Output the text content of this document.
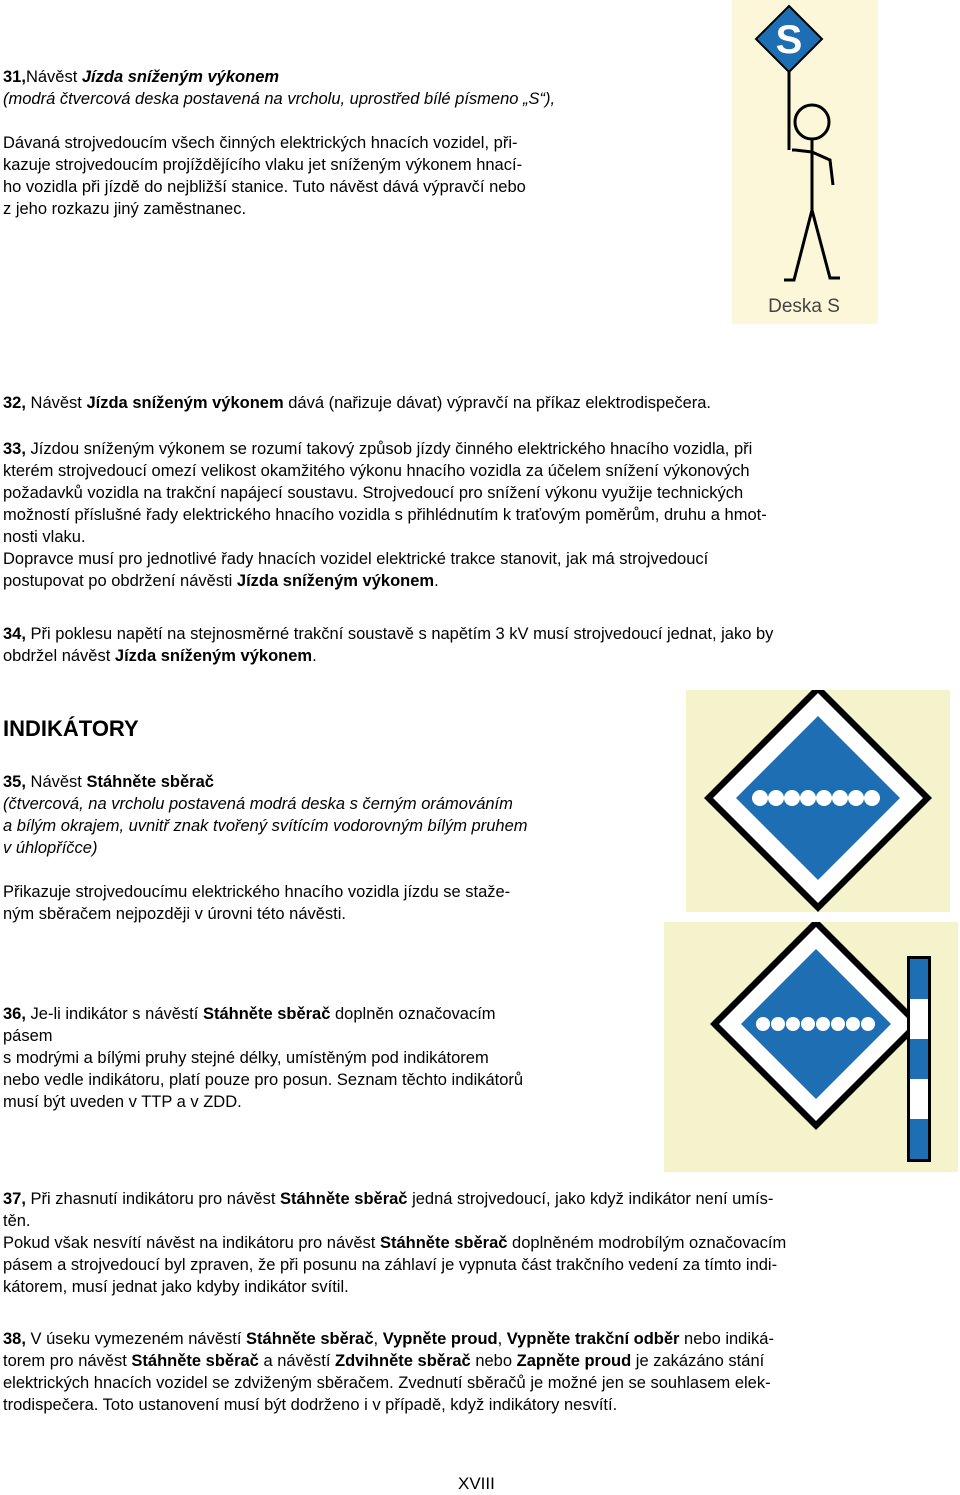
31,Návěst Jízda sníženým výkonem

(modrá čtvercová deska postavená na vrcholu, uprostřed bílé písmeno „S“),

Dávaná strojvedoucím všech činných elektrických hnacích vozidel, při-

kazuje strojvedoucím projíždějícího vlaku jet sníženým výkonem hnací-

ho vozidla při jízdě do nejbližší stanice. Tuto návěst dává výpravčí nebo

z jeho rozkazu jiný zaměstnanec.

S
Deska S

32, Návěst Jízda sníženým výkonem dává (nařizuje dávat) výpravčí na příkaz elektrodispečera.

33, Jízdou sníženým výkonem se rozumí takový způsob jízdy činného elektrického hnacího vozidla, při

kterém strojvedoucí omezí velikost okamžitého výkonu hnacího vozidla za účelem snížení výkonových

požadavků vozidla na trakční napájecí soustavu. Strojvedoucí pro snížení výkonu využije technických

možností příslušné řady elektrického hnacího vozidla s přihlédnutím k traťovým poměrům, druhu a hmot-

nosti vlaku.

Dopravce musí pro jednotlivé řady hnacích vozidel elektrické trakce stanovit, jak má strojvedoucí

postupovat po obdržení návěsti Jízda sníženým výkonem.

34, Při poklesu napětí na stejnosměrné trakční soustavě s napětím 3 kV musí strojvedoucí jednat, jako by

obdržel návěst Jízda sníženým výkonem.

INDIKÁTORY

35, Návěst Stáhněte sběrač

(čtvercová, na vrcholu postavená modrá deska s černým orámováním

a bílým okrajem, uvnitř znak tvořený svítícím vodorovným bílým pruhem

v úhlopříčce)

Přikazuje strojvedoucímu elektrického hnacího vozidla jízdu se staže-

ným sběračem nejpozději v úrovni této návěsti.

36, Je-li indikátor s návěstí Stáhněte sběrač doplněn označovacím

pásem

s modrými a bílými pruhy stejné délky, umístěným pod indikátorem

nebo vedle indikátoru, platí pouze pro posun. Seznam těchto indikátorů

musí být uveden v TTP a v ZDD.

37, Při zhasnutí indikátoru pro návěst Stáhněte sběrač jedná strojvedoucí, jako když indikátor není umís-

těn.

Pokud však nesvítí návěst na indikátoru pro návěst Stáhněte sběrač doplněném modrobílým označovacím

pásem a strojvedoucí byl zpraven, že při posunu na záhlaví je vypnuta část trakčního vedení za tímto indi-

kátorem, musí jednat jako kdyby indikátor svítil.

38, V úseku vymezeném návěstí Stáhněte sběrač, Vypněte proud, Vypněte trakční odběr nebo indiká-

torem pro návěst Stáhněte sběrač a návěstí Zdvihněte sběrač nebo Zapněte proud je zakázáno stání

elektrických hnacích vozidel se zdviženým sběračem. Zvednutí sběračů je možné jen se souhlasem elek-

trodispečera. Toto ustanovení musí být dodrženo i v případě, když indikátory nesvítí.

XVIII
